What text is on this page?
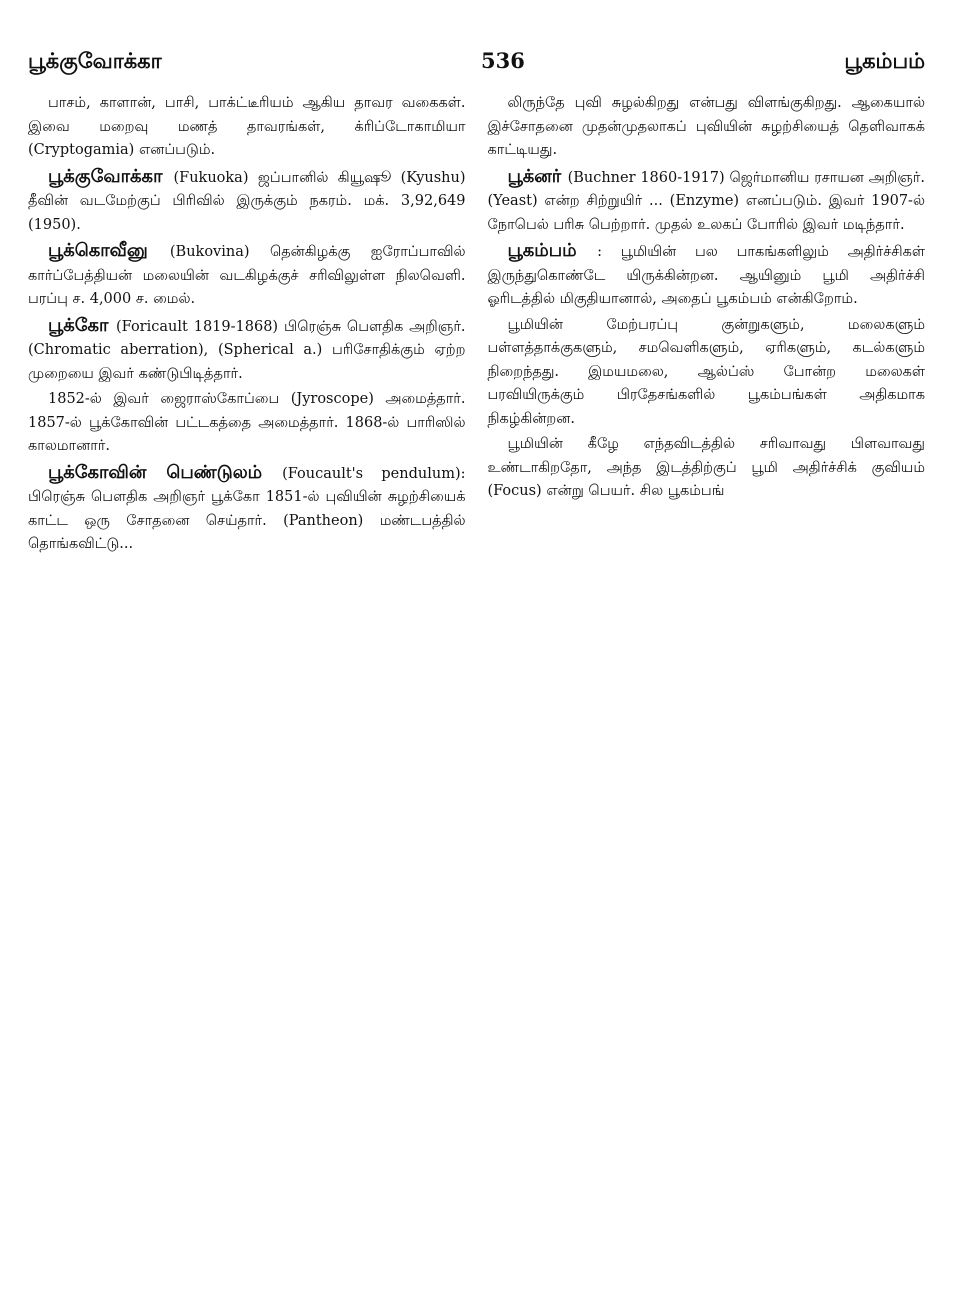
பூக்குவோக்கா	536	பூகம்பம்

பாசம், காளான், பாசி, பாக்ட்டீரியம் ஆகிய தாவர வகைகள். இவை மறைவு மணத் தாவரங்கள், க்ரிப்டோகாமியா (Cryptogamia) எனப்படும்.

பூக்குவோக்கா (Fukuoka) ஜப்பானில் கியூஷூ (Kyushu) தீவின் வடமேற்குப் பிரிவில் இருக்கும் நகரம். மக். 3,92,649 (1950).

பூக்கொவீனு (Bukovina) தென்கிழக்கு ஐரோப்பாவில் கார்ப்பேத்தியன் மலையின் வடகிழக்குச் சரிவிலுள்ள நிலவெளி. பரப்பு ச. 4,000 ச. மைல்.

பூக்கோ (Foricault 1819-1868) பிரெஞ்சு பௌதிக அறிஞர். (Chromatic aberration), (Spherical a.) பரிசோதிக்கும் ஏற்ற முறையை இவர் கண்டுபிடித்தார்.

1852-ல் இவர் ஜைராஸ்கோப்பை (Jyroscope) அமைத்தார். 1857-ல் பூக்கோவின் பட்டகத்தை அமைத்தார். 1868-ல் பாரிஸில் காலமானார்.

பூக்கோவின் பெண்டுலம் (Foucault's pendulum): பிரெஞ்சு பௌதிக அறிஞர் பூக்கோ 1851-ல் புவியின் சுழற்சியைக் காட்ட ஒரு சோதனை செய்தார். (Pantheon) மண்டபத்தில் தொங்கவிட்டு...

லிருந்தே புவி சுழல்கிறது என்பது விளங்குகிறது. ஆகையால் இச்சோதனை முதன்முதலாகப் புவியின் சுழற்சியைத் தெளிவாகக் காட்டியது.

பூக்னர் (Buchner 1860-1917) ஜெர்மானிய ரசாயன அறிஞர். (Yeast) என்ற சிற்றுயிர் ... (Enzyme) எனப்படும். இவர் 1907-ல் நோபெல் பரிசு பெற்றார். முதல் உலகப் போரில் இவர் மடிந்தார்.

பூகம்பம் : பூமியின் பல பாகங்களிலும் அதிர்ச்சிகள் இருந்துகொண்டே யிருக்கின்றன. ஆயினும் பூமி அதிர்ச்சி ஓரிடத்தில் மிகுதியானால், அதைப் பூகம்பம் என்கிறோம்.

பூமியின் மேற்பரப்பு குன்றுகளும், மலைகளும் பள்ளத்தாக்குகளும், சமவெளிகளும், ஏரிகளும், கடல்களும் நிறைந்தது. இமயமலை, ஆல்ப்ஸ் போன்ற மலைகள் பரவியிருக்கும் பிரதேசங்களில் பூகம்பங்கள் அதிகமாக நிகழ்கின்றன.

பூமியின் கீழே எந்தவிடத்தில் சரிவாவது பிளவாவது உண்டாகிறதோ, அந்த இடத்திற்குப் பூமி அதிர்ச்சிக் குவியம் (Focus) என்று பெயர். சில பூகம்பங்
